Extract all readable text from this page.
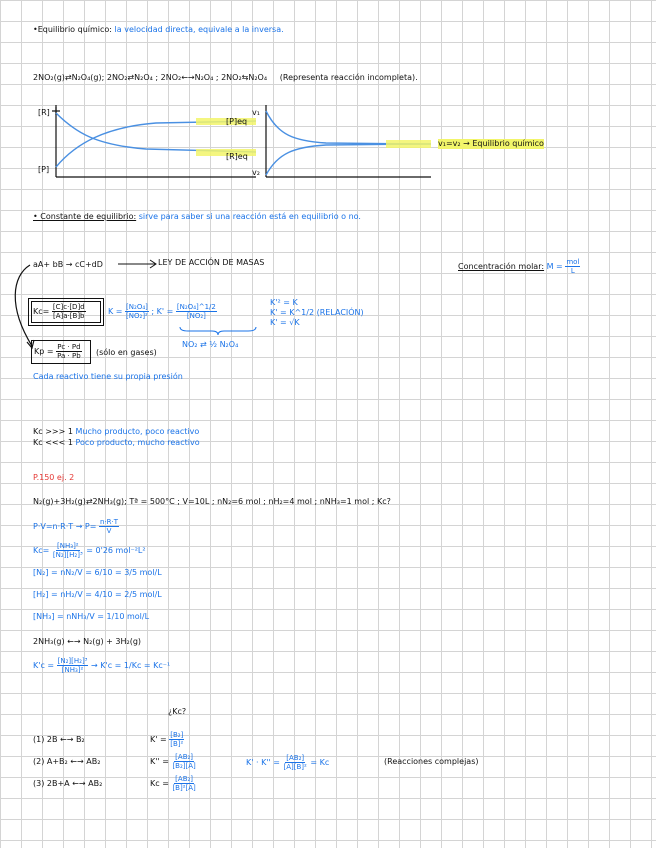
•Equilibrio químico: la velocidad directa, equivale a la inversa.
2NO₂(g)⇄N₂O₄(g); 2NO₂⇄N₂O₄ ; 2NO₂←→N₂O₄ ; 2NO₂⇆N₂O₄ (Representa reacción incompleta).
[R]
[P]
[P]eq
[R]eq
v₁
v₂
v₁=v₂ → Equilibrio químico
• Constante de equilibrio: sirve para saber si una reacción está en equilibrio o no.
aA+ bB → cC+dD	LEY DE ACCIÓN DE MASAS	Concentración molar: $M = \frac{\text{mol}}{L}$
$Kc= \frac{[C]c\cdot[D]d}{[A]a\cdot[B]b}$	$K = \frac{\text{[N₂O₄]}}{\text{[NO₂]²}}$ ; $K' = \frac{\text{[N₂O₄]\textasciicircum{}1/2}}{\text{[NO₂]}}$
NO₂ ⇄ ½ N₂O₄
K'² = K
K' = K^1/2 (RELACIÓN)
K' = √K
$Kp = \frac{Pc \cdot Pd}{Pa \cdot Pb}$ (sólo en gases)
Cada reactivo tiene su propia presión
Kc >>> 1 Mucho producto, poco reactivo
Kc <<< 1 Poco producto, mucho reactivo
P.150 ej. 2
N₂(g)+3H₂(g)⇄2NH₃(g); Tª = 500°C ; V=10L ; nN₂=6 mol ; nH₂=4 mol ; nNH₃=1 mol ; Kc?
$P\cdot V=n\cdot R\cdot T \to P= \frac{n\cdot R\cdot T}{V}$
$Kc= \frac{\text{[NH₃]²}}{\text{[N₂][H₂]³}} = 0'26$ mol⁻²L²
[N₂] = nN₂/V = 6/10 = 3/5 mol/L
[H₂] = nH₂/V = 4/10 = 2/5 mol/L
[NH₃] = nNH₃/V = 1/10 mol/L
2NH₃(g) ←→ N₂(g) + 3H₂(g)
$K'c = \frac{\text{[N₂][H₂]³}}{\text{[NH₃]²}} \to K'c = 1/Kc = Kc^{-1}$
¿Kc?
(1) 2B ←→ B₂
(2) A+B₂ ←→ AB₂
(3) 2B+A ←→ AB₂
$K' = \frac{\text{[B₂]}}{\text{[B]²}}$
$K'' = \frac{\text{[AB₂]}}{\text{[B₂][A]}}$
$Kc = \frac{\text{[AB₂]}}{\text{[B]²[A]}}$
$K' \cdot K'' = \frac{\text{[AB₂]}}{\text{[A][B]²}} = Kc$	(Reacciones complejas)
